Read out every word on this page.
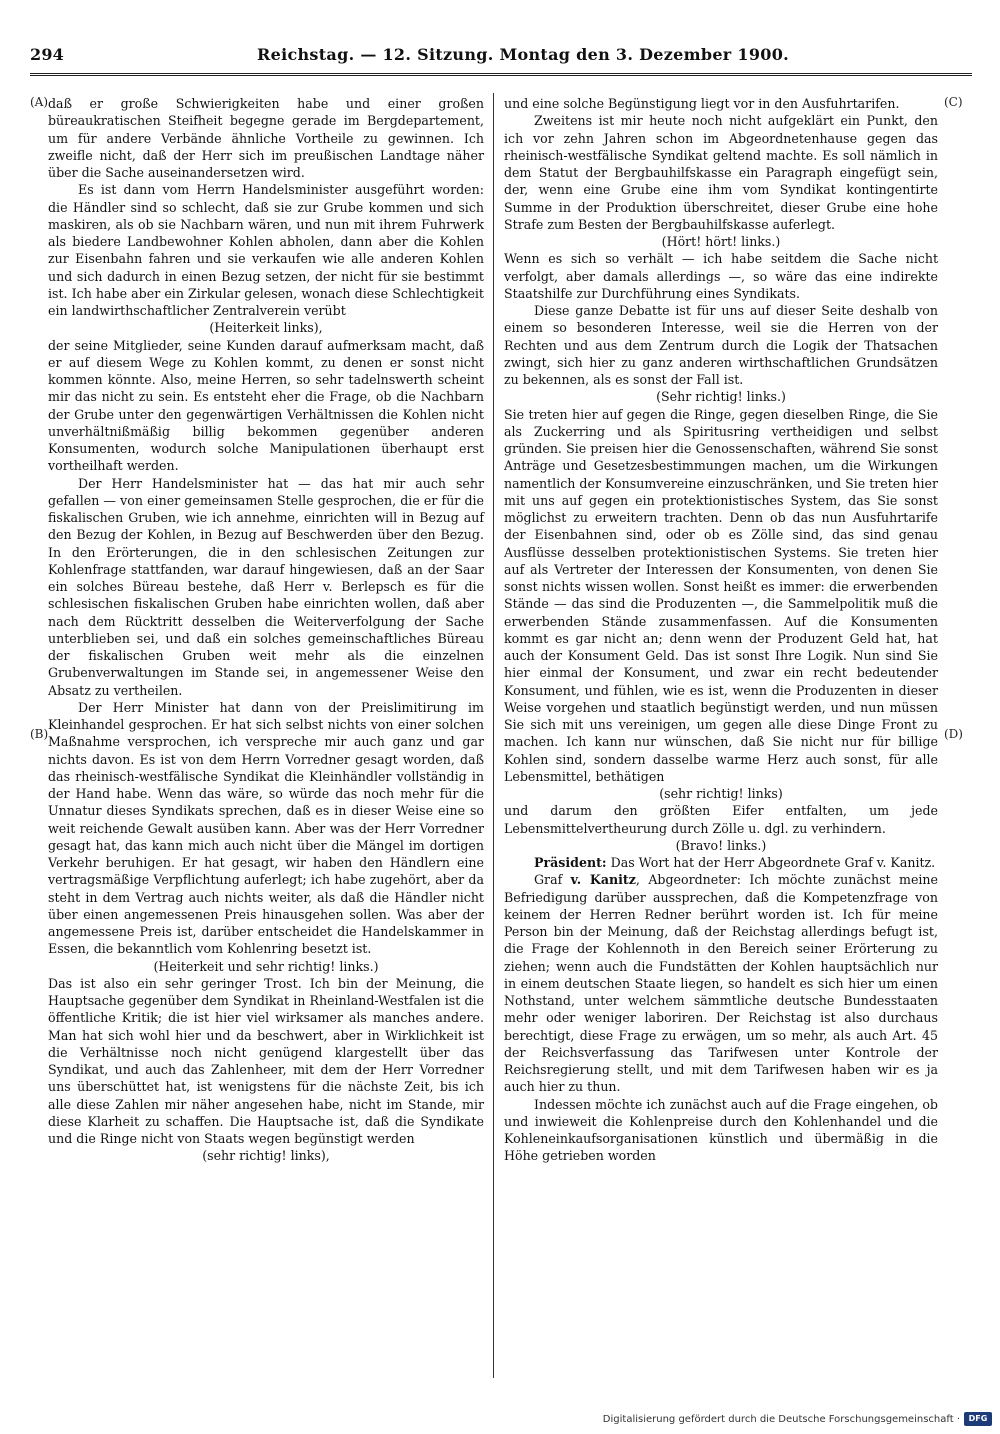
294	Reichstag. — 12. Sitzung. Montag den 3. Dezember 1900.
(A)
(B)
(C)
(D)

daß er große Schwierigkeiten habe und einer großen büreaukratischen Steifheit begegne gerade im Bergdepartement, um für andere Verbände ähnliche Vortheile zu gewinnen. Ich zweifle nicht, daß der Herr sich im preußischen Landtage näher über die Sache auseinandersetzen wird.

Es ist dann vom Herrn Handelsminister ausgeführt worden: die Händler sind so schlecht, daß sie zur Grube kommen und sich maskiren, als ob sie Nachbarn wären, und nun mit ihrem Fuhrwerk als biedere Landbewohner Kohlen abholen, dann aber die Kohlen zur Eisenbahn fahren und sie verkaufen wie alle anderen Kohlen und sich dadurch in einen Bezug setzen, der nicht für sie bestimmt ist. Ich habe aber ein Zirkular gelesen, wonach diese Schlechtigkeit ein landwirthschaftlicher Zentralverein verübt

(Heiterkeit links),

der seine Mitglieder, seine Kunden darauf aufmerksam macht, daß er auf diesem Wege zu Kohlen kommt, zu denen er sonst nicht kommen könnte. Also, meine Herren, so sehr tadelnswerth scheint mir das nicht zu sein. Es entsteht eher die Frage, ob die Nachbarn der Grube unter den gegenwärtigen Verhältnissen die Kohlen nicht unverhältnißmäßig billig bekommen gegenüber anderen Konsumenten, wodurch solche Manipulationen überhaupt erst vortheilhaft werden.

Der Herr Handelsminister hat — das hat mir auch sehr gefallen — von einer gemeinsamen Stelle gesprochen, die er für die fiskalischen Gruben, wie ich annehme, einrichten will in Bezug auf den Bezug der Kohlen, in Bezug auf Beschwerden über den Bezug. In den Erörterungen, die in den schlesischen Zeitungen zur Kohlenfrage stattfanden, war darauf hingewiesen, daß an der Saar ein solches Büreau bestehe, daß Herr v. Berlepsch es für die schlesischen fiskalischen Gruben habe einrichten wollen, daß aber nach dem Rücktritt desselben die Weiterverfolgung der Sache unterblieben sei, und daß ein solches gemeinschaftliches Büreau der fiskalischen Gruben weit mehr als die einzelnen Grubenverwaltungen im Stande sei, in angemessener Weise den Absatz zu vertheilen.

Der Herr Minister hat dann von der Preislimitirung im Kleinhandel gesprochen. Er hat sich selbst nichts von einer solchen Maßnahme versprochen, ich verspreche mir auch ganz und gar nichts davon. Es ist von dem Herrn Vorredner gesagt worden, daß das rheinisch-westfälische Syndikat die Kleinhändler vollständig in der Hand habe. Wenn das wäre, so würde das noch mehr für die Unnatur dieses Syndikats sprechen, daß es in dieser Weise eine so weit reichende Gewalt ausüben kann. Aber was der Herr Vorredner gesagt hat, das kann mich auch nicht über die Mängel im dortigen Verkehr beruhigen. Er hat gesagt, wir haben den Händlern eine vertragsmäßige Verpflichtung auferlegt; ich habe zugehört, aber da steht in dem Vertrag auch nichts weiter, als daß die Händler nicht über einen angemessenen Preis hinausgehen sollen. Was aber der angemessene Preis ist, darüber entscheidet die Handelskammer in Essen, die bekanntlich vom Kohlenring besetzt ist.

(Heiterkeit und sehr richtig! links.)

Das ist also ein sehr geringer Trost. Ich bin der Meinung, die Hauptsache gegenüber dem Syndikat in Rheinland-Westfalen ist die öffentliche Kritik; die ist hier viel wirksamer als manches andere. Man hat sich wohl hier und da beschwert, aber in Wirklichkeit ist die Verhältnisse noch nicht genügend klargestellt über das Syndikat, und auch das Zahlenheer, mit dem der Herr Vorredner uns überschüttet hat, ist wenigstens für die nächste Zeit, bis ich alle diese Zahlen mir näher angesehen habe, nicht im Stande, mir diese Klarheit zu schaffen. Die Hauptsache ist, daß die Syndikate und die Ringe nicht von Staats wegen begünstigt werden

(sehr richtig! links),

und eine solche Begünstigung liegt vor in den Ausfuhrtarifen.

Zweitens ist mir heute noch nicht aufgeklärt ein Punkt, den ich vor zehn Jahren schon im Abgeordnetenhause gegen das rheinisch-westfälische Syndikat geltend machte. Es soll nämlich in dem Statut der Bergbauhilfskasse ein Paragraph eingefügt sein, der, wenn eine Grube eine ihm vom Syndikat kontingentirte Summe in der Produktion überschreitet, dieser Grube eine hohe Strafe zum Besten der Bergbauhilfskasse auferlegt.

(Hört! hört! links.)

Wenn es sich so verhält — ich habe seitdem die Sache nicht verfolgt, aber damals allerdings —, so wäre das eine indirekte Staatshilfe zur Durchführung eines Syndikats.

Diese ganze Debatte ist für uns auf dieser Seite deshalb von einem so besonderen Interesse, weil sie die Herren von der Rechten und aus dem Zentrum durch die Logik der Thatsachen zwingt, sich hier zu ganz anderen wirthschaftlichen Grundsätzen zu bekennen, als es sonst der Fall ist.

(Sehr richtig! links.)

Sie treten hier auf gegen die Ringe, gegen dieselben Ringe, die Sie als Zuckerring und als Spiritusring vertheidigen und selbst gründen. Sie preisen hier die Genossenschaften, während Sie sonst Anträge und Gesetzesbestimmungen machen, um die Wirkungen namentlich der Konsumvereine einzuschränken, und Sie treten hier mit uns auf gegen ein protektionistisches System, das Sie sonst möglichst zu erweitern trachten. Denn ob das nun Ausfuhrtarife der Eisenbahnen sind, oder ob es Zölle sind, das sind genau Ausflüsse desselben protektionistischen Systems. Sie treten hier auf als Vertreter der Interessen der Konsumenten, von denen Sie sonst nichts wissen wollen. Sonst heißt es immer: die erwerbenden Stände — das sind die Produzenten —, die Sammelpolitik muß die erwerbenden Stände zusammenfassen. Auf die Konsumenten kommt es gar nicht an; denn wenn der Produzent Geld hat, hat auch der Konsument Geld. Das ist sonst Ihre Logik. Nun sind Sie hier einmal der Konsument, und zwar ein recht bedeutender Konsument, und fühlen, wie es ist, wenn die Produzenten in dieser Weise vorgehen und staatlich begünstigt werden, und nun müssen Sie sich mit uns vereinigen, um gegen alle diese Dinge Front zu machen. Ich kann nur wünschen, daß Sie nicht nur für billige Kohlen sind, sondern dasselbe warme Herz auch sonst, für alle Lebensmittel, bethätigen

(sehr richtig! links)

und darum den größten Eifer entfalten, um jede Lebensmittelvertheurung durch Zölle u. dgl. zu verhindern.

(Bravo! links.)

Präsident: Das Wort hat der Herr Abgeordnete Graf v. Kanitz.

Graf v. Kanitz, Abgeordneter: Ich möchte zunächst meine Befriedigung darüber aussprechen, daß die Kompetenzfrage von keinem der Herren Redner berührt worden ist. Ich für meine Person bin der Meinung, daß der Reichstag allerdings befugt ist, die Frage der Kohlennoth in den Bereich seiner Erörterung zu ziehen; wenn auch die Fundstätten der Kohlen hauptsächlich nur in einem deutschen Staate liegen, so handelt es sich hier um einen Nothstand, unter welchem sämmtliche deutsche Bundesstaaten mehr oder weniger laboriren. Der Reichstag ist also durchaus berechtigt, diese Frage zu erwägen, um so mehr, als auch Art. 45 der Reichsverfassung das Tarifwesen unter Kontrole der Reichsregierung stellt, und mit dem Tarifwesen haben wir es ja auch hier zu thun.

Indessen möchte ich zunächst auch auf die Frage eingehen, ob und inwieweit die Kohlenpreise durch den Kohlenhandel und die Kohleneinkaufsorganisationen künstlich und übermäßig in die Höhe getrieben worden

Digitalisierung gefördert durch die Deutsche Forschungsgemeinschaft ·	DFG
